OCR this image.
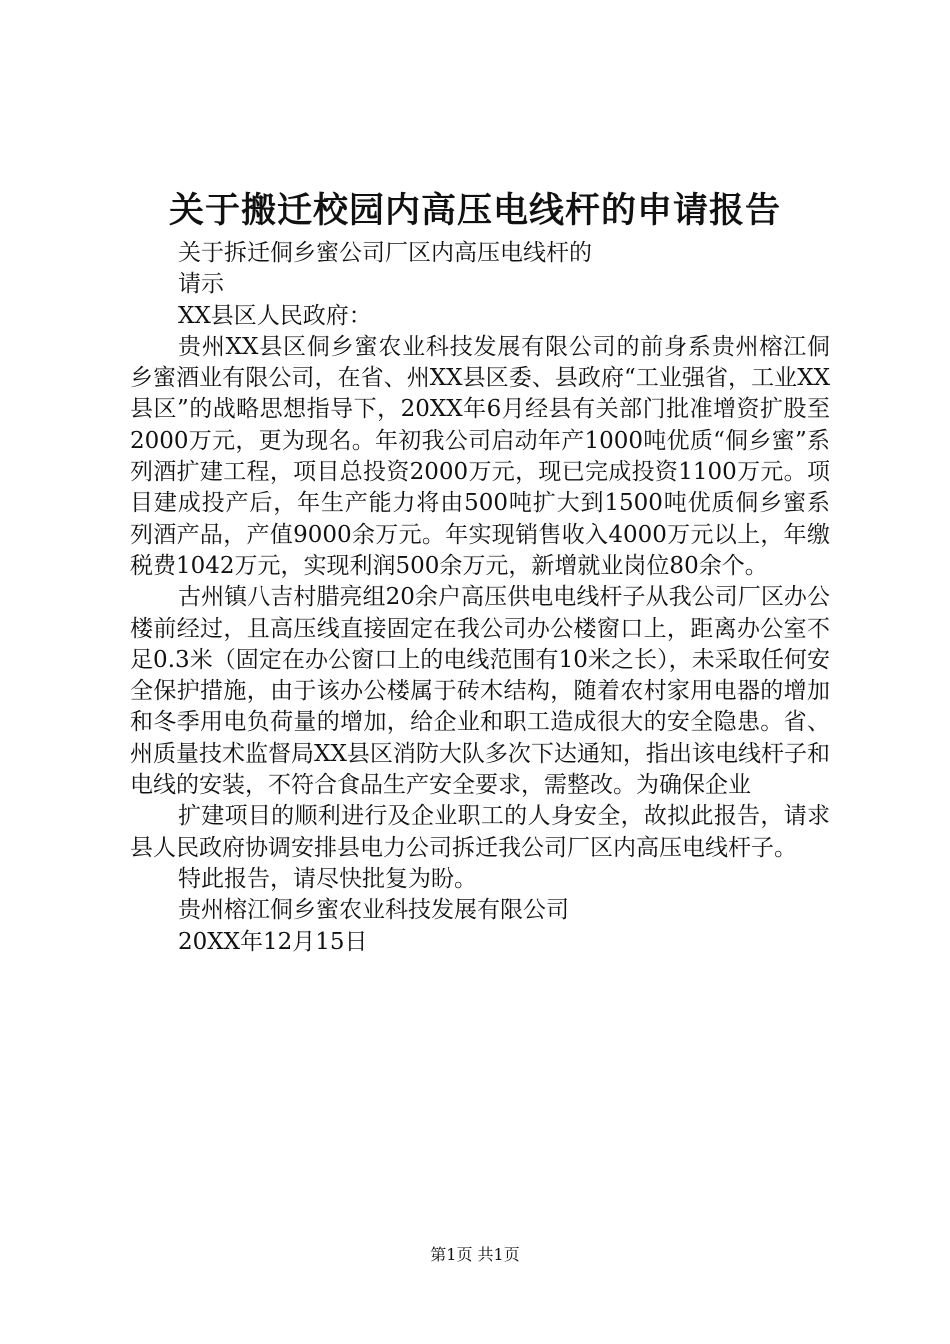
关于搬迁校园内高压电线杆的申请报告

关于拆迁侗乡蜜公司厂区内高压电线杆的

请示

XX县区人民政府：

贵州XX县区侗乡蜜农业科技发展有限公司的前身系贵州榕江侗乡蜜酒业有限公司，在省、州XX县区委、县政府“工业强省，工业XX县区”的战略思想指导下，20XX年6月经县有关部门批准增资扩股至2000万元，更为现名。年初我公司启动年产1000吨优质“侗乡蜜”系列酒扩建工程，项目总投资2000万元，现已完成投资1100万元。项目建成投产后，年生产能力将由500吨扩大到1500吨优质侗乡蜜系列酒产品，产值9000余万元。年实现销售收入4000万元以上，年缴税费1042万元，实现利润500余万元，新增就业岗位80余个。

古州镇八吉村腊亮组20余户高压供电电线杆子从我公司厂区办公楼前经过，且高压线直接固定在我公司办公楼窗口上，距离办公室不足0.3米（固定在办公窗口上的电线范围有10米之长），未采取任何安全保护措施，由于该办公楼属于砖木结构，随着农村家用电器的增加和冬季用电负荷量的增加，给企业和职工造成很大的安全隐患。省、州质量技术监督局XX县区消防大队多次下达通知，指出该电线杆子和电线的安装，不符合食品生产安全要求，需整改。为确保企业

扩建项目的顺利进行及企业职工的人身安全，故拟此报告，请求县人民政府协调安排县电力公司拆迁我公司厂区内高压电线杆子。

特此报告，请尽快批复为盼。

贵州榕江侗乡蜜农业科技发展有限公司

20XX年12月15日

第1页 共1页
